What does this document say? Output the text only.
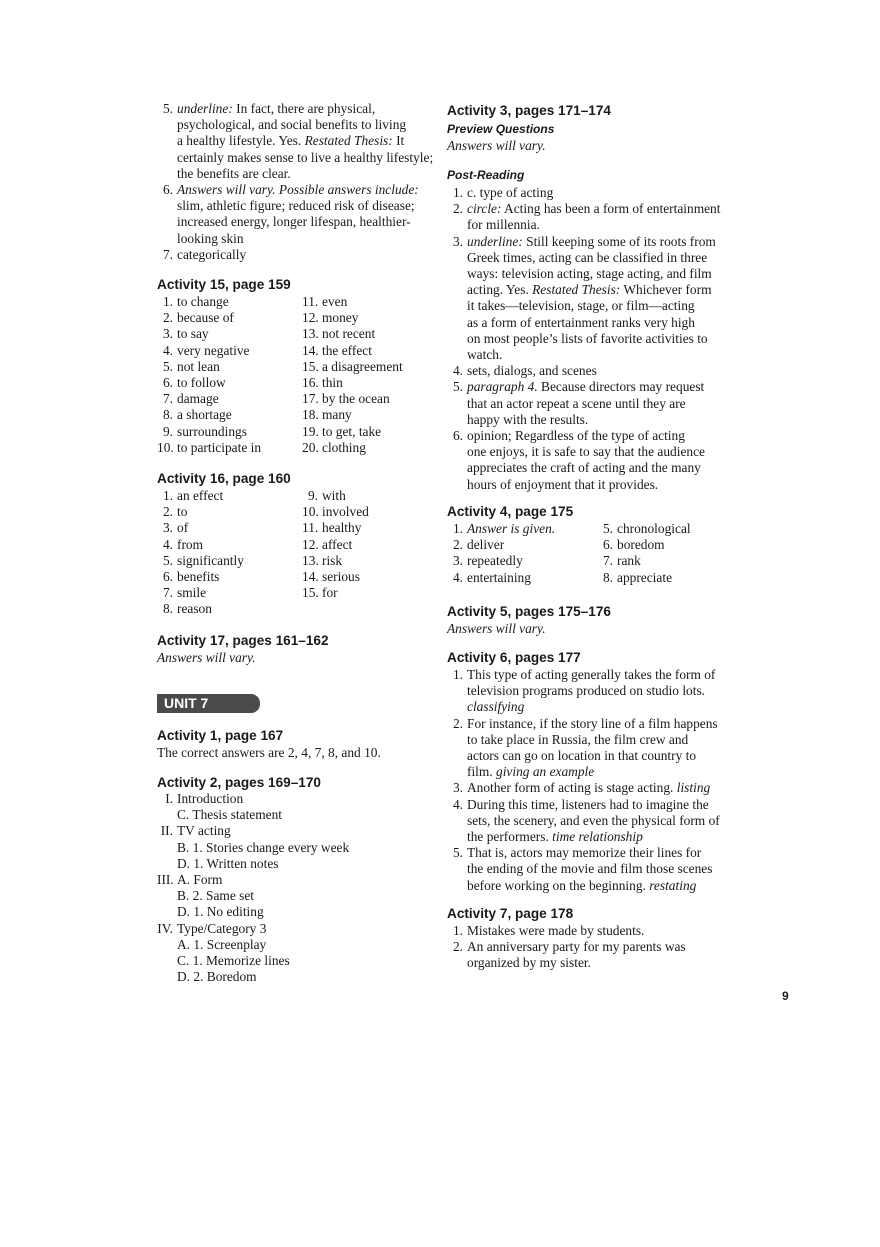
5. underline: In fact, there are physical,
psychological, and social benefits to living
a healthy lifestyle. Yes. Restated Thesis: It
certainly makes sense to live a healthy lifestyle;
the benefits are clear.
6. Answers will vary. Possible answers include:
slim, athletic figure; reduced risk of disease;
increased energy, longer lifespan, healthier-
looking skin
7. categorically
Activity 15, page 159
1. to change	11. even
2. because of	12. money
3. to say	13. not recent
4. very negative	14. the effect
5. not lean	15. a disagreement
6. to follow	16. thin
7. damage	17. by the ocean
8. a shortage	18. many
9. surroundings	19. to get, take
10. to participate in	20. clothing
Activity 16, page 160
1. an effect	9. with
2. to	10. involved
3. of	11. healthy
4. from	12. affect
5. significantly	13. risk
6. benefits	14. serious
7. smile	15. for
8. reason
Activity 17, pages 161–162
Answers will vary.
Activity 1, page 167
The correct answers are 2, 4, 7, 8, and 10.
Activity 2, pages 169–170
I. Introduction
C. Thesis statement
II. TV acting
B. 1. Stories change every week
D. 1. Written notes
III. A. Form
B. 2. Same set
D. 1. No editing
IV. Type/Category 3
A. 1. Screenplay
C. 1. Memorize lines
D. 2. Boredom
UNIT 7
Activity 3, pages 171–174
Preview Questions
Answers will vary.
Post-Reading
1. c. type of acting
2. circle: Acting has been a form of entertainment
for millennia.
3. underline: Still keeping some of its roots from
Greek times, acting can be classified in three
ways: television acting, stage acting, and film
acting. Yes. Restated Thesis: Whichever form
it takes—television, stage, or film—acting
as a form of entertainment ranks very high
on most people’s lists of favorite activities to
watch.
4. sets, dialogs, and scenes
5. paragraph 4. Because directors may request
that an actor repeat a scene until they are
happy with the results.
6. opinion; Regardless of the type of acting
one enjoys, it is safe to say that the audience
appreciates the craft of acting and the many
hours of enjoyment that it provides.
Activity 4, page 175
1. Answer is given.	5. chronological
2. deliver	6. boredom
3. repeatedly	7. rank
4. entertaining	8. appreciate
Activity 5, pages 175–176
Answers will vary.
Activity 6, pages 177
1. This type of acting generally takes the form of
television programs produced on studio lots.
classifying
2. For instance, if the story line of a film happens
to take place in Russia, the film crew and
actors can go on location in that country to
film. giving an example
3. Another form of acting is stage acting. listing
4. During this time, listeners had to imagine the
sets, the scenery, and even the physical form of
the performers. time relationship
5. That is, actors may memorize their lines for
the ending of the movie and film those scenes
before working on the beginning. restating
Activity 7, page 178
1. Mistakes were made by students.
2. An anniversary party for my parents was
organized by my sister.
9
